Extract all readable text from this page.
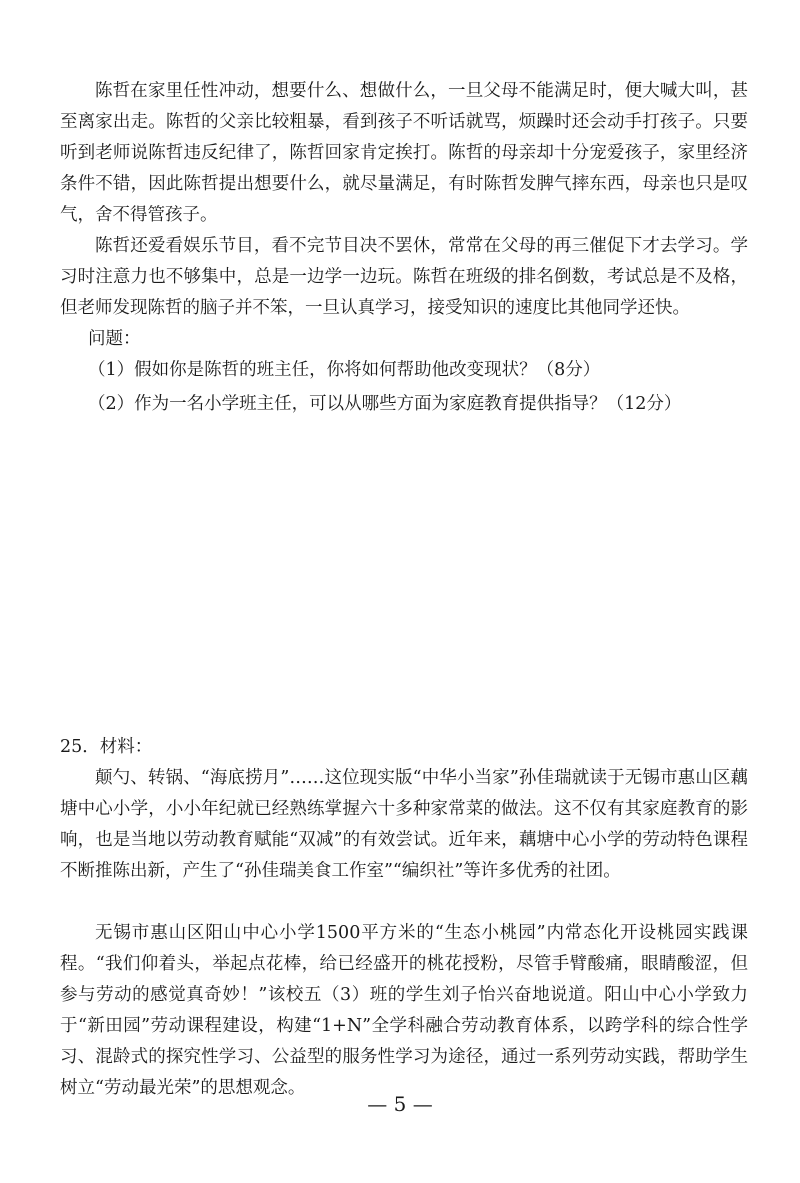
陈哲在家里任性冲动，想要什么、想做什么，一旦父母不能满足时，便大喊大叫，甚至离家出走。陈哲的父亲比较粗暴，看到孩子不听话就骂，烦躁时还会动手打孩子。只要听到老师说陈哲违反纪律了，陈哲回家肯定挨打。陈哲的母亲却十分宠爱孩子，家里经济条件不错，因此陈哲提出想要什么，就尽量满足，有时陈哲发脾气摔东西，母亲也只是叹气，舍不得管孩子。

陈哲还爱看娱乐节目，看不完节目决不罢休，常常在父母的再三催促下才去学习。学习时注意力也不够集中，总是一边学一边玩。陈哲在班级的排名倒数，考试总是不及格，但老师发现陈哲的脑子并不笨，一旦认真学习，接受知识的速度比其他同学还快。

问题：

（1）假如你是陈哲的班主任，你将如何帮助他改变现状？（8分）

（2）作为一名小学班主任，可以从哪些方面为家庭教育提供指导？（12分）

25．材料：

颠勺、转锅、“海底捞月”……这位现实版“中华小当家”孙佳瑞就读于无锡市惠山区藕塘中心小学，小小年纪就已经熟练掌握六十多种家常菜的做法。这不仅有其家庭教育的影响，也是当地以劳动教育赋能“双减”的有效尝试。近年来，藕塘中心小学的劳动特色课程不断推陈出新，产生了“孙佳瑞美食工作室”“编织社”等许多优秀的社团。

无锡市惠山区阳山中心小学1500平方米的“生态小桃园”内常态化开设桃园实践课程。“我们仰着头，举起点花棒，给已经盛开的桃花授粉，尽管手臂酸痛，眼睛酸涩，但参与劳动的感觉真奇妙！”该校五（3）班的学生刘子怡兴奋地说道。阳山中心小学致力于“新田园”劳动课程建设，构建“1+N”全学科融合劳动教育体系，以跨学科的综合性学习、混龄式的探究性学习、公益型的服务性学习为途径，通过一系列劳动实践，帮助学生树立“劳动最光荣”的思想观念。

— 5 —
